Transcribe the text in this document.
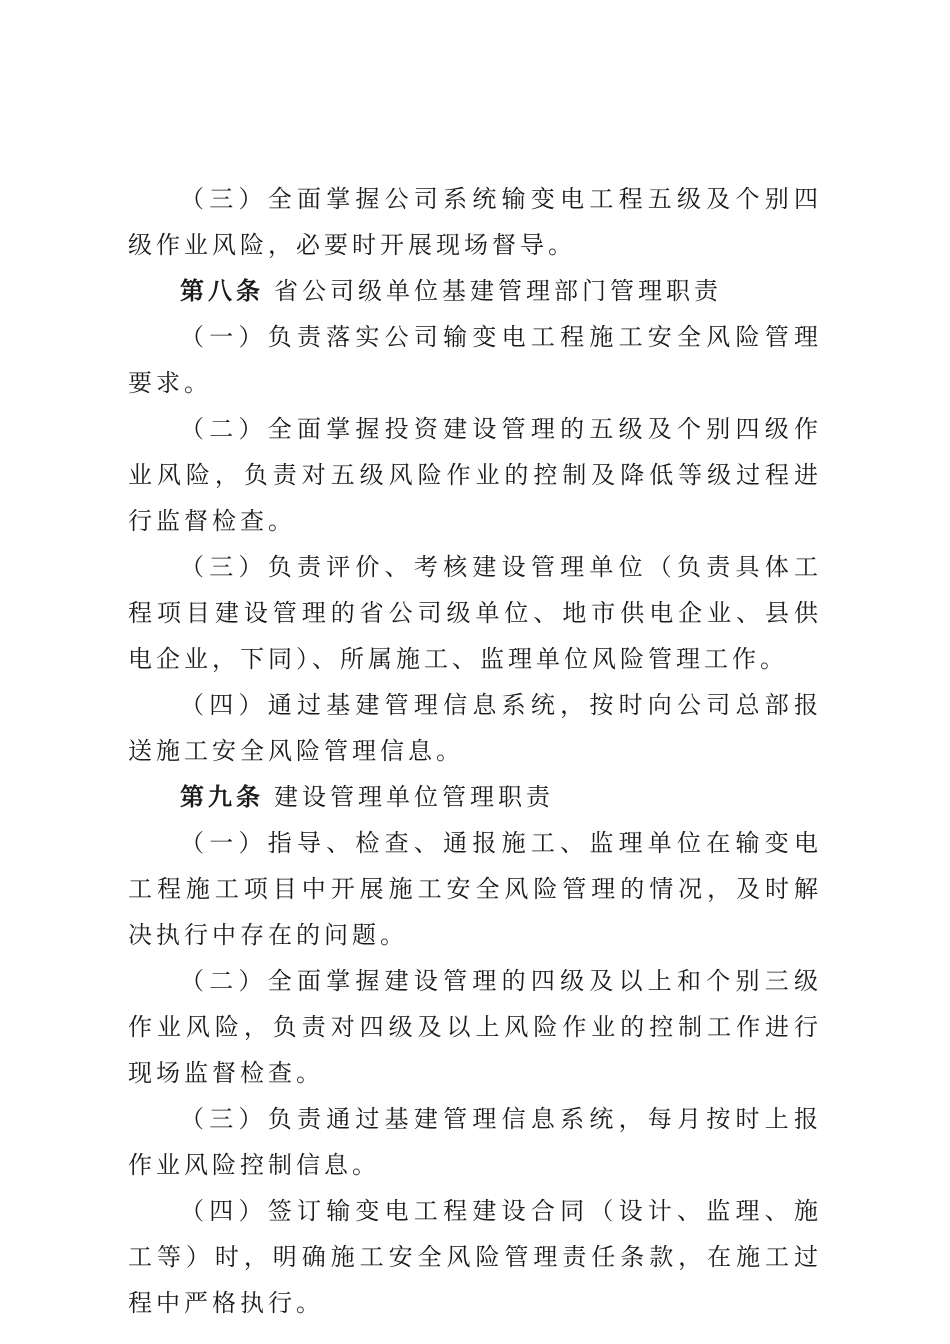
（三）全面掌握公司系统输变电工程五级及个别四级作业风险，必要时开展现场督导。

第八条 省公司级单位基建管理部门管理职责

（一）负责落实公司输变电工程施工安全风险管理要求。

（二）全面掌握投资建设管理的五级及个别四级作业风险，负责对五级风险作业的控制及降低等级过程进行监督检查。

（三）负责评价、考核建设管理单位（负责具体工程项目建设管理的省公司级单位、地市供电企业、县供电企业，下同）、所属施工、监理单位风险管理工作。

（四）通过基建管理信息系统，按时向公司总部报送施工安全风险管理信息。

第九条 建设管理单位管理职责

（一）指导、检查、通报施工、监理单位在输变电工程施工项目中开展施工安全风险管理的情况，及时解决执行中存在的问题。

（二）全面掌握建设管理的四级及以上和个别三级作业风险，负责对四级及以上风险作业的控制工作进行现场监督检查。

（三）负责通过基建管理信息系统，每月按时上报作业风险控制信息。

（四）签订输变电工程建设合同（设计、监理、施工等）时，明确施工安全风险管理责任条款，在施工过程中严格执行。
